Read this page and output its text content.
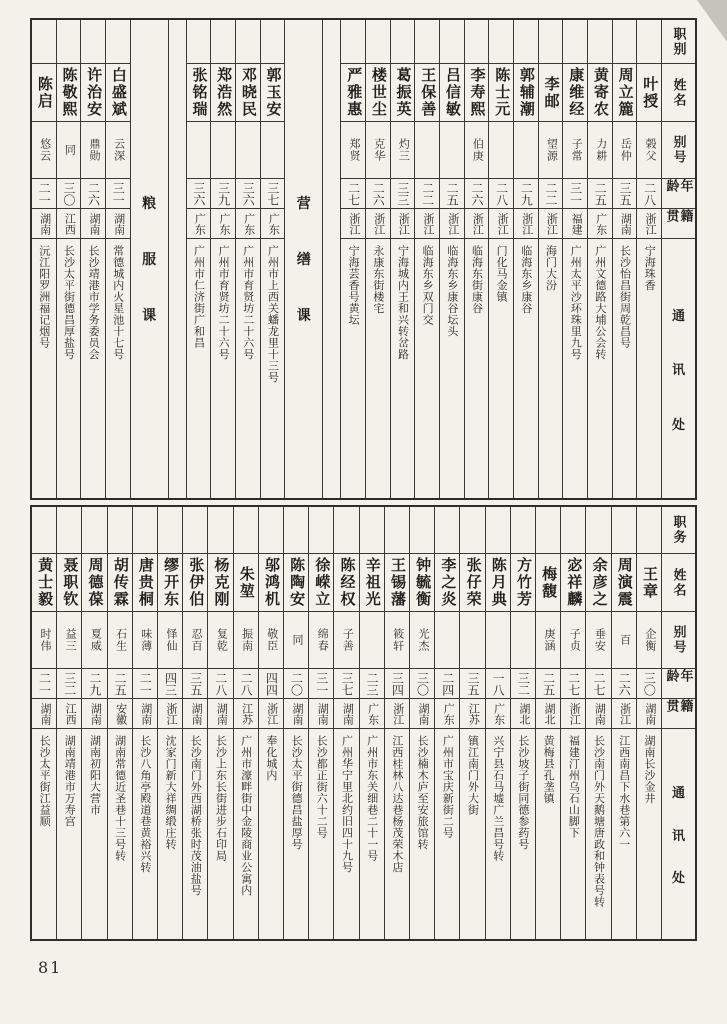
职别
姓名
别号
年龄
籍贯
通
讯
处
叶授
榖父
二八
浙江
宁海珠香
周立簏
岳仲
三五
湖南
长沙怡昌街周乾昌号
黄寄农
力耕
二五
广东
广州文德路大埔公会转
康维经
子常
三一
福建
广州太平沙环珠里九号
李邮
望源
二二
浙江
海门大汾
郭辅潮
二九
浙江
临海东乡康谷
陈士元
二八
浙江
门化马金镇
李寿熙
伯庚
二六
浙江
临海东街康谷
吕信敏
二五
浙江
临海东乡康谷坛头
王保善
二二
浙江
临海东乡双门交
葛振英
灼三
三三
浙江
宁海城内王和兴转岔路
楼世尘
克华
二六
浙江
永康东街楼宅
严雅惠
郑贤
二七
浙江
宁海芸香号黄坛
营
缮
课
郭玉安
三七
广东
广州市上西关蟠龙里十三号
邓晓民
三六
广东
广州市育贤坊二十六号
郑浩然
三九
广东
广州市育贤坊二十六号
张铭瑞
三六
广东
广州市仁济街广和昌
粮
服
课
白盛斌
云深
三一
湖南
常德城内火星池十七号
许治安
鼎勋
二六
湖南
长沙靖港市学务委员会
陈敬熙
同
三〇
江西
长沙太平街德昌厚盐号
陈启
悠云
二一
湖南
沅江阳罗洲福记烟号
职务
姓名
别号
年龄
籍贯
通
讯
处
王章
企衡
三〇
湖南
湖南长沙金井
周演震
百
二六
浙江
江西南昌下水巷第六一
余彦之
垂安
二七
湖南
长沙南门外天鹅塘唐政和钟表号转
宓祥麟
子贞
二七
浙江
福建汀州乌石山脚下
梅馥
庚涵
二五
湖北
黄梅县孔垄镇
方竹芳
三二
湖北
长沙坡子街同德参药号
陈月典
一八
广东
兴宁县石马墟广兰昌号转
张仔荣
三五
江苏
镇江南门外大街
李之炎
二四
广东
广州市宝庆新街二号
钟毓衡
光杰
三〇
湖南
长沙楠木庐至安旅馆转
王锡藩
筱轩
三四
浙江
江西桂林八达巷杨茂荣木店
辛祖光
二三
广东
广州市东关细巷二十一号
陈经权
子善
三七
湖南
广州华宁里北约旧四十九号
徐嵘立
绵春
三一
湖南
长沙都正街六十二号
陈陶安
同
二〇
湖南
长沙太平街德昌盐厚号
邬鸿机
敬臣
四四
浙江
奉化城内
朱堃
振南
二八
江苏
广州市濠畔街中金陵商业公寓内
杨克刚
复乾
二八
湖南
长沙上东长街进步石印局
张伊伯
忍百
三五
湖南
长沙南门外西湖桥张时茂油盐号
缪开东
怿仙
四三
浙江
沈家门新大祥绸缎庄转
唐贵桐
味薄
二一
湖南
长沙八角亭殿道巷黄裕兴转
胡传霖
石生
二五
安徽
湖南常德近圣巷十三号转
周德葆
夏威
二九
湖南
湖南初阳大营市
聂职钦
益三
三二
江西
湖南靖港市万寿宫
黄士毅
时伟
二一
湖南
长沙太平街江益顺
81
